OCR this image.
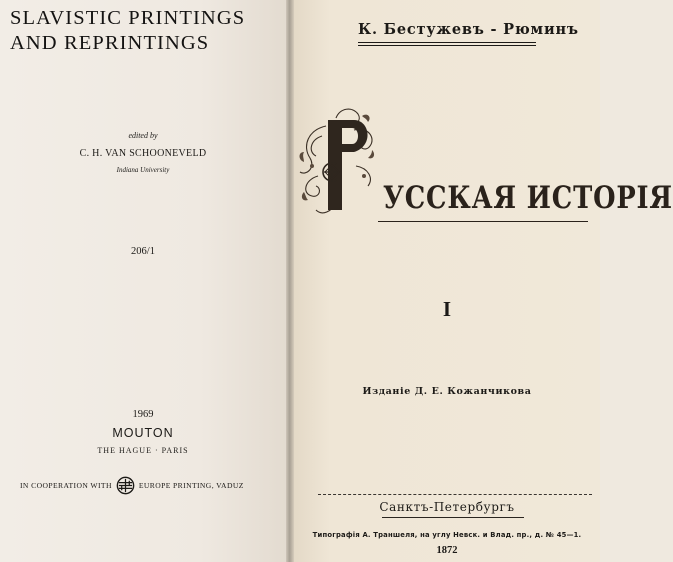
SLAVISTIC PRINTINGS
AND REPRINTINGS
edited by
C. H. VAN SCHOONEVELD
Indiana University
206/1
1969
MOUTON
THE HAGUE · PARIS
IN COOPERATION WITH	EUROPE PRINTING, VADUZ
К. Бестужевъ - Рюминъ
УССКАЯ ИСТОРІЯ
I
Изданіе Д. Е. Кожанчикова
Санктъ-Петербургъ
Типографія А. Траншеля, на углу Невск. и Влад. пр., д. № 45—1.
1872
